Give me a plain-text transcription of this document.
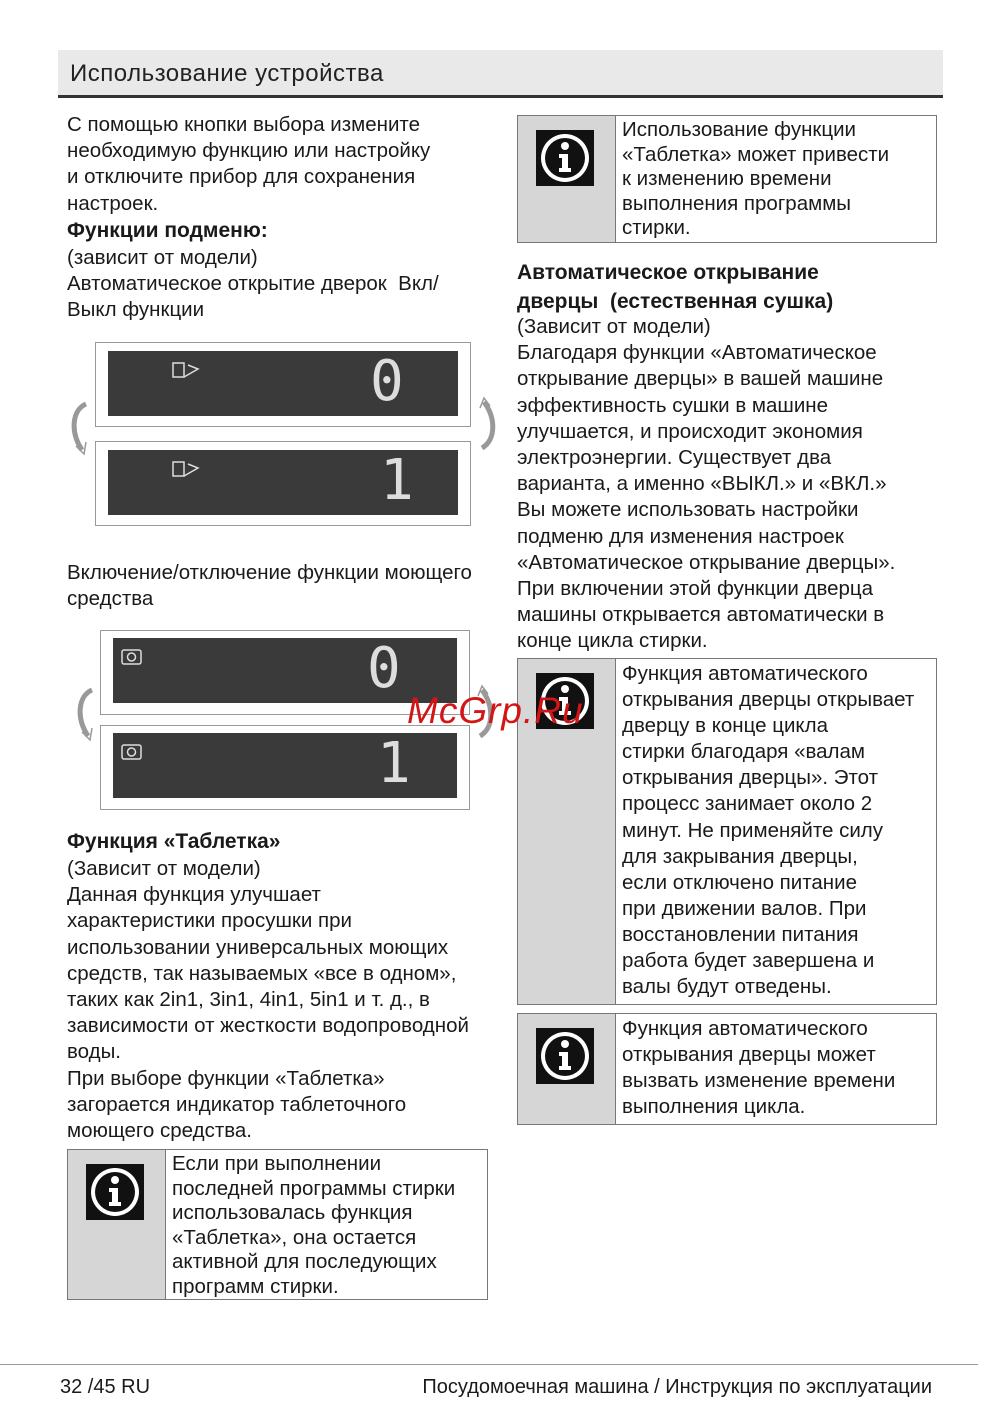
Использование устройства
С помощью кнопки выбора измените
необходимую функцию или настройку
и отключите прибор для сохранения
настроек.
Функции подменю:
(зависит от модели)
Автоматическое открытие дверок  Вкл/
Выкл функции
0
1
Включение/отключение функции моющего
средства
0
1
Функция «Таблетка»
(Зависит от модели)
Данная функция улучшает
характеристики просушки при
использовании универсальных моющих
средств, так называемых «все в одном»,
таких как 2in1, 3in1, 4in1, 5in1 и т. д., в
зависимости от жесткости водопроводной
воды.
При выборе функции «Таблетка»
загорается индикатор таблеточного
моющего средства.
Если при выполнении
последней программы стирки
использовалась функция
«Таблетка», она остается
активной для последующих
программ стирки.
Использование функции
«Таблетка» может привести
к изменению времени
выполнения программы
стирки.
Автоматическое открывание
дверцы  (естественная сушка)
(Зависит от модели)
Благодаря функции «Автоматическое
открывание дверцы» в вашей машине
эффективность сушки в машине
улучшается, и происходит экономия
электроэнергии. Существует два
варианта, а именно «ВЫКЛ.» и «ВКЛ.»
Вы можете использовать настройки
подменю для изменения настроек
«Автоматическое открывание дверцы».
При включении этой функции дверца
машины открывается автоматически в
конце цикла стирки.
Функция автоматического
открывания дверцы открывает
дверцу в конце цикла
стирки благодаря «валам
открывания дверцы». Этот
процесс занимает около 2
минут. Не применяйте силу
для закрывания дверцы,
если отключено питание
при движении валов. При
восстановлении питания
работа будет завершена и
валы будут отведены.
Функция автоматического
открывания дверцы может
вызвать изменение времени
выполнения цикла.
McGrp.Ru
32 /45 RU	Посудомоечная машина / Инструкция по эксплуатации
